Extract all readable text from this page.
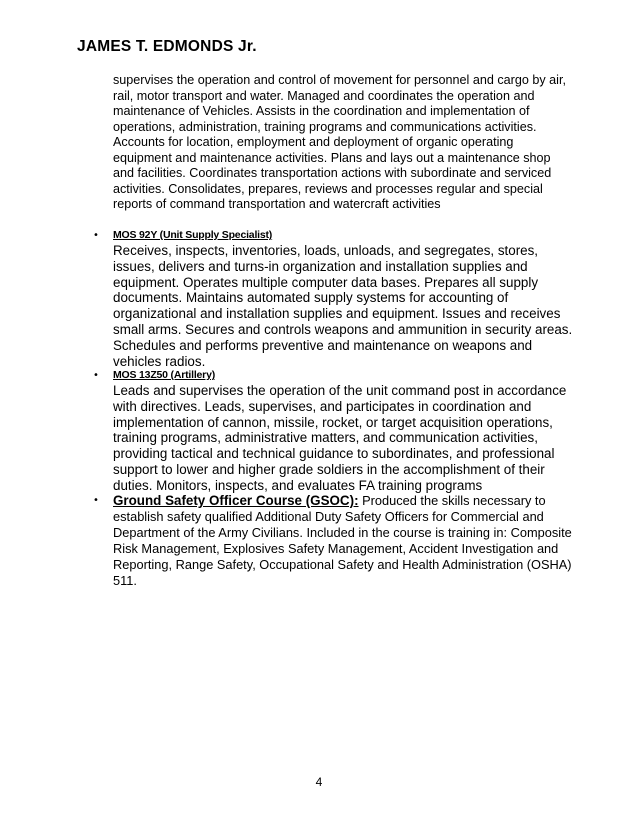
JAMES T. EDMONDS Jr.
supervises the operation and control of movement for personnel and cargo by air, rail, motor transport and water. Managed and coordinates the operation and maintenance of Vehicles. Assists in the coordination and implementation of operations, administration, training programs and communications activities. Accounts for location, employment and deployment of organic operating equipment and maintenance activities. Plans and lays out a maintenance shop and facilities. Coordinates transportation actions with subordinate and serviced activities. Consolidates, prepares, reviews and processes regular and special reports of command transportation and watercraft activities
• MOS 92Y (Unit Supply Specialist)
Receives, inspects, inventories, loads, unloads, and segregates, stores, issues, delivers and turns-in organization and installation supplies and equipment. Operates multiple computer data bases. Prepares all supply documents. Maintains automated supply systems for accounting of organizational and installation supplies and equipment. Issues and receives small arms. Secures and controls weapons and ammunition in security areas. Schedules and performs preventive and maintenance on weapons and vehicles radios.
• MOS 13Z50 (Artillery)
Leads and supervises the operation of the unit command post in accordance with directives. Leads, supervises, and participates in coordination and implementation of cannon, missile, rocket, or target acquisition operations, training programs, administrative matters, and communication activities, providing tactical and technical guidance to subordinates, and professional support to lower and higher grade soldiers in the accomplishment of their duties. Monitors, inspects, and evaluates FA training programs
• Ground Safety Officer Course (GSOC): Produced the skills necessary to establish safety qualified Additional Duty Safety Officers for Commercial and Department of the Army Civilians. Included in the course is training in: Composite Risk Management, Explosives Safety Management, Accident Investigation and Reporting, Range Safety, Occupational Safety and Health Administration (OSHA) 511.
4
